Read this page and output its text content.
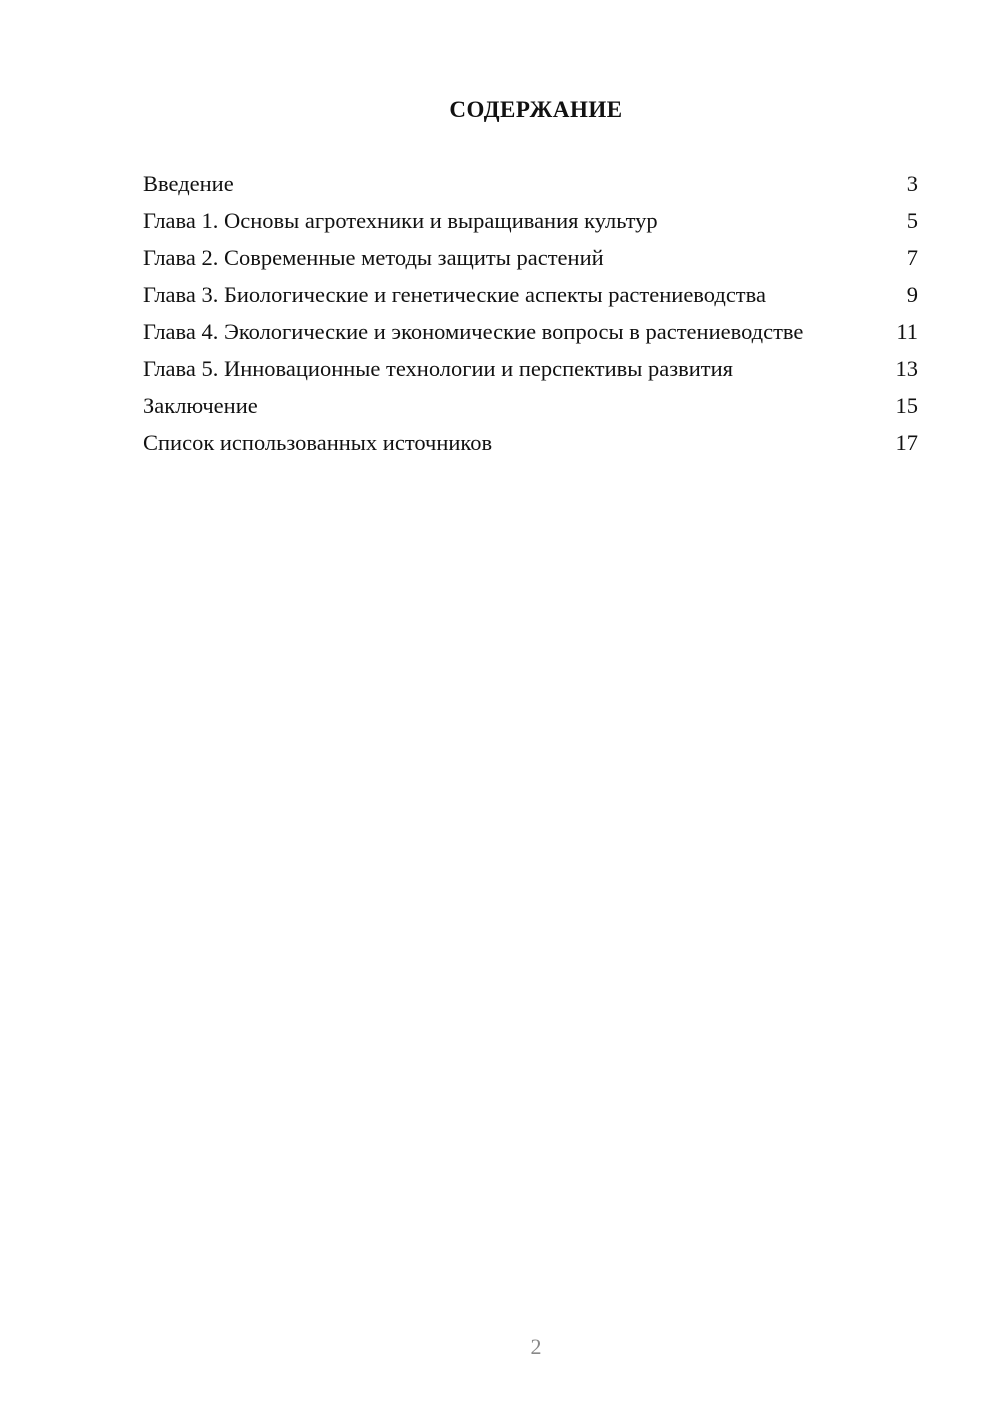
СОДЕРЖАНИЕ
Введение	3
Глава 1. Основы агротехники и выращивания культур	5
Глава 2. Современные методы защиты растений	7
Глава 3. Биологические и генетические аспекты растениеводства	9
Глава 4. Экологические и экономические вопросы в растениеводстве	11
Глава 5. Инновационные технологии и перспективы развития	13
Заключение	15
Список использованных источников	17
2
